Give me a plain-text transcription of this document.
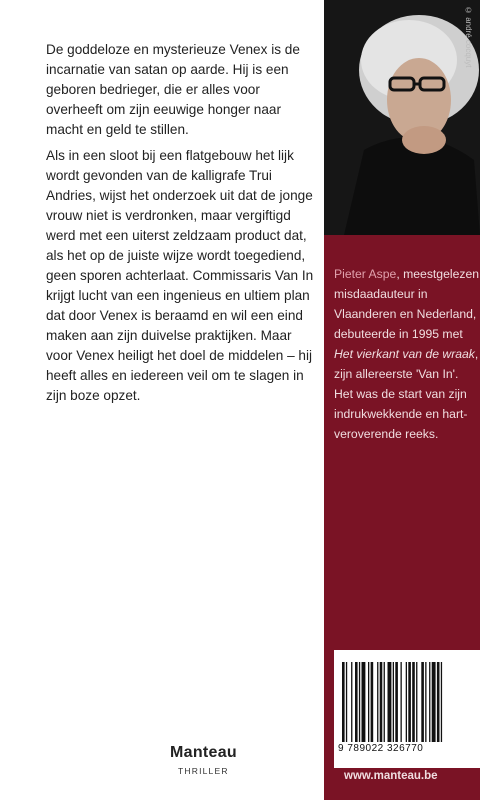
De goddeloze en mysterieuze Venex is de incarnatie van satan op aarde. Hij is een geboren bedrieger, die er alles voor overheeft om zijn eeuwige honger naar macht en geld te stillen.

Als in een sloot bij een flatgebouw het lijk wordt gevonden van de kalligrafe Trui Andries, wijst het onderzoek uit dat de jonge vrouw niet is verdronken, maar vergiftigd werd met een uiterst zeldzaam product dat, als het op de juiste wijze wordt toegediend, geen sporen achterlaat. Commissaris Van In krijgt lucht van een ingenieus en ultiem plan dat door Venex is beraamd en wil een eind maken aan zijn duivelse praktijken. Maar voor Venex heiligt het doel de middelen – hij heeft alles en iedereen veil om te slagen in zijn boze opzet.

Manteau
THRILLER
© andré cocquyt

Pieter Aspe, meestgelezen misdaadauteur in Vlaanderen en Nederland, debuteerde in 1995 met Het vierkant van de wraak, zijn allereerste 'Van In'. Het was de start van zijn indrukwekkende en hart-veroverende reeks.

9 789022 326770
www.manteau.be
